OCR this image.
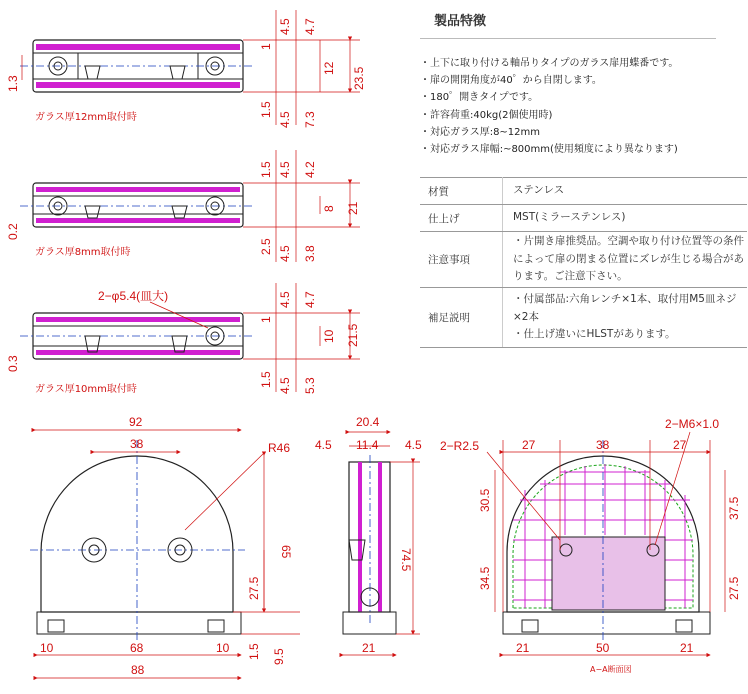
ガラス厚12mm取付時
4.5 4.7
1
12 23.5
1.3
1.5
4.5 7.3
ガラス厚8mm取付時
1.5 4.5 4.2
8 21
0.2
2.5 4.5 3.8
2−φ5.4(皿大)
ガラス厚10mm取付時
4.5 4.7
1
10 21.5
0.3
1.5 4.5 5.3
92
38	R46
65
27.5
1.5 9.5
10	68	10
88
20.4
4.5 11.4 4.5
74.5
21
2−R2.5
2−M6×1.0
27	38	27
30.5
34.5
37.5
27.5
21	50	21
A−A断面図
製品特徴
・ 上下に取り付ける軸吊りタイプのガラス扉用蝶番です。
・ 扉の開閉角度が40゜から自閉します。
・ 180゜開きタイプです。
・ 許容荷重:40kg(2個使用時)
・ 対応ガラス厚:8~12mm
・ 対応ガラス扉幅:~800mm(使用頻度により異なります)
材質	ステンレス
仕上げ	MST(ミラーステンレス)
注意事項	・片開き扉推奨品。空調や取り付け位置等の条件によって扉の閉まる位置にズレが生じる場合があります。ご注意下さい。
補足説明	・付属部品:六角レンチ×1本、取付用M5皿ネジ×2本
・仕上げ違いにHLSTがあります。
